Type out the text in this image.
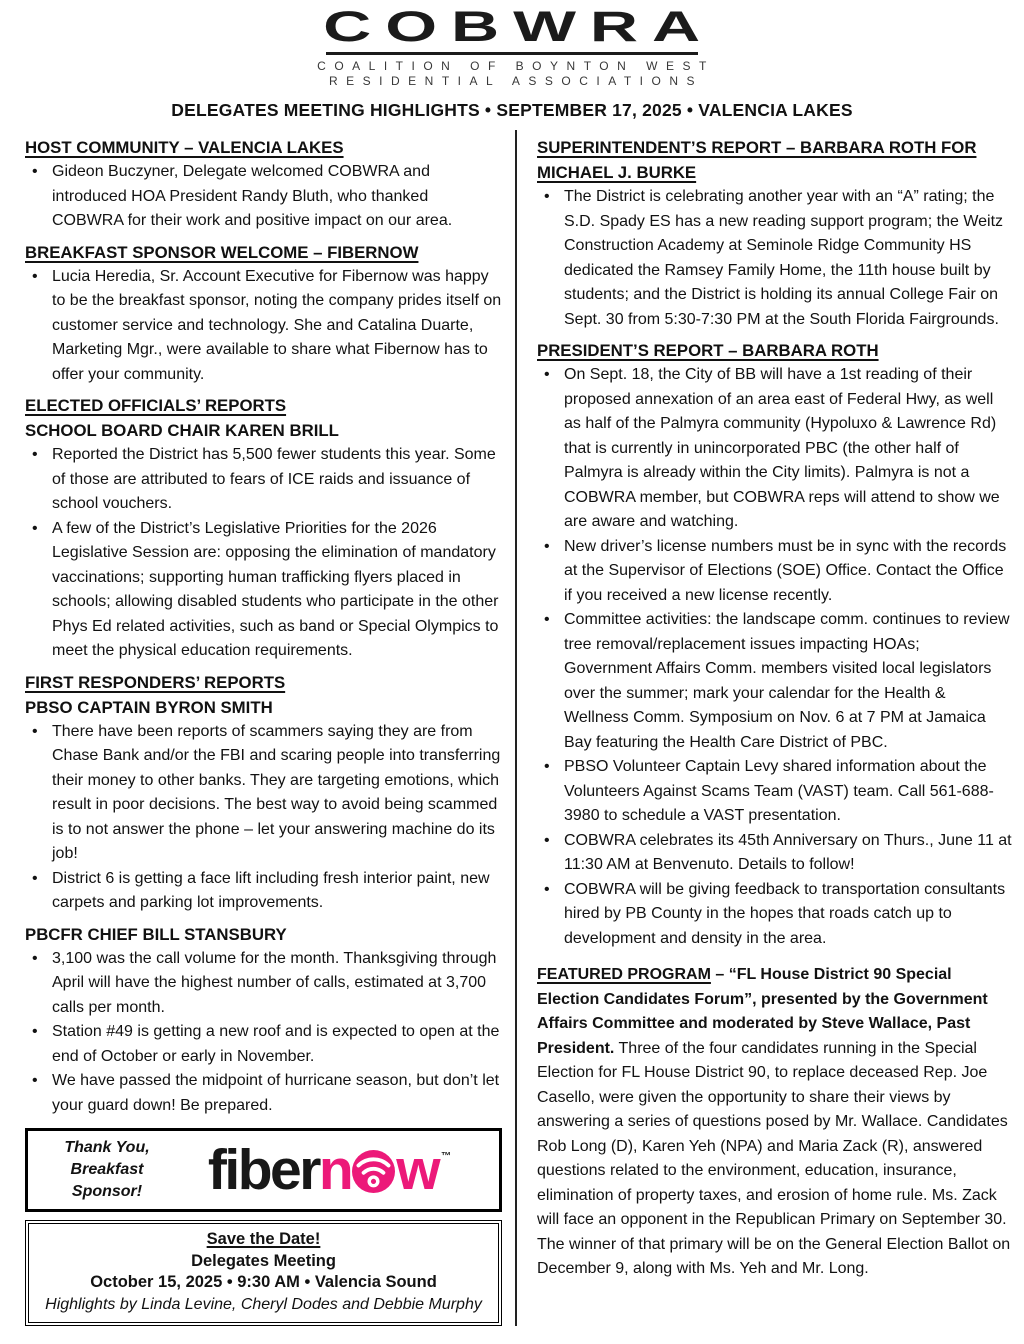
COBWRA
COALITION OF BOYNTON WEST
RESIDENTIAL ASSOCIATIONS
DELEGATES MEETING HIGHLIGHTS • SEPTEMBER 17, 2025 • VALENCIA LAKES
HOST COMMUNITY – VALENCIA LAKES

• Gideon Buczyner, Delegate welcomed COBWRA and introduced HOA President Randy Bluth, who thanked COBWRA for their work and positive impact on our area.

BREAKFAST SPONSOR WELCOME – FIBERNOW

• Lucia Heredia, Sr. Account Executive for Fibernow was happy to be the breakfast sponsor, noting the company prides itself on customer service and technology. She and Catalina Duarte, Marketing Mgr., were available to share what Fibernow has to offer your community.

ELECTED OFFICIALS’ REPORTS
SCHOOL BOARD CHAIR KAREN BRILL

• Reported the District has 5,500 fewer students this year. Some of those are attributed to fears of ICE raids and issuance of school vouchers.

• A few of the District’s Legislative Priorities for the 2026 Legislative Session are: opposing the elimination of mandatory vaccinations; supporting human trafficking flyers placed in schools; allowing disabled students who participate in the other Phys Ed related activities, such as band or Special Olympics to meet the physical education requirements.

FIRST RESPONDERS’ REPORTS
PBSO CAPTAIN BYRON SMITH

• There have been reports of scammers saying they are from Chase Bank and/or the FBI and scaring people into transferring their money to other banks. They are targeting emotions, which result in poor decisions. The best way to avoid being scammed is to not answer the phone – let your answering machine do its job!

• District 6 is getting a face lift including fresh interior paint, new carpets and parking lot improvements.

PBCFR CHIEF BILL STANSBURY

• 3,100 was the call volume for the month. Thanksgiving through April will have the highest number of calls, estimated at 3,700 calls per month.

• Station #49 is getting a new roof and is expected to open at the end of October or early in November.

• We have passed the midpoint of hurricane season, but don’t let your guard down! Be prepared.

Thank You,
Breakfast
Sponsor!	fibern w ™
Save the Date!
Delegates Meeting
October 15, 2025 • 9:30 AM • Valencia Sound
Highlights by Linda Levine, Cheryl Dodes and Debbie Murphy
SUPERINTENDENT’S REPORT – BARBARA ROTH FOR MICHAEL J. BURKE

• The District is celebrating another year with an “A” rating; the S.D. Spady ES has a new reading support program; the Weitz Construction Academy at Seminole Ridge Community HS dedicated the Ramsey Family Home, the 11th house built by students; and the District is holding its annual College Fair on Sept. 30 from 5:30-7:30 PM at the South Florida Fairgrounds.

PRESIDENT’S REPORT – BARBARA ROTH

• On Sept. 18, the City of BB will have a 1st reading of their proposed annexation of an area east of Federal Hwy, as well as half of the Palmyra community (Hypoluxo & Lawrence Rd) that is currently in unincorporated PBC (the other half of Palmyra is already within the City limits). Palmyra is not a COBWRA member, but COBWRA reps will attend to show we are aware and watching.

• New driver’s license numbers must be in sync with the records at the Supervisor of Elections (SOE) Office. Contact the Office if you received a new license recently.

• Committee activities: the landscape comm. continues to review tree removal/replacement issues impacting HOAs; Government Affairs Comm. members visited local legislators over the summer; mark your calendar for the Health & Wellness Comm. Symposium on Nov. 6 at 7 PM at Jamaica Bay featuring the Health Care District of PBC.

• PBSO Volunteer Captain Levy shared information about the Volunteers Against Scams Team (VAST) team. Call 561-688-3980 to schedule a VAST presentation.

• COBWRA celebrates its 45th Anniversary on Thurs., June 11 at 11:30 AM at Benvenuto. Details to follow!

• COBWRA will be giving feedback to transportation consultants hired by PB County in the hopes that roads catch up to development and density in the area.

FEATURED PROGRAM – “FL House District 90 Special Election Candidates Forum”, presented by the Government Affairs Committee and moderated by Steve Wallace, Past President. Three of the four candidates running in the Special Election for FL House District 90, to replace deceased Rep. Joe Casello, were given the opportunity to share their views by answering a series of questions posed by Mr. Wallace. Candidates Rob Long (D), Karen Yeh (NPA) and Maria Zack (R), answered questions related to the environment, education, insurance, elimination of property taxes, and erosion of home rule. Ms. Zack will face an opponent in the Republican Primary on September 30. The winner of that primary will be on the General Election Ballot on December 9, along with Ms. Yeh and Mr. Long.
